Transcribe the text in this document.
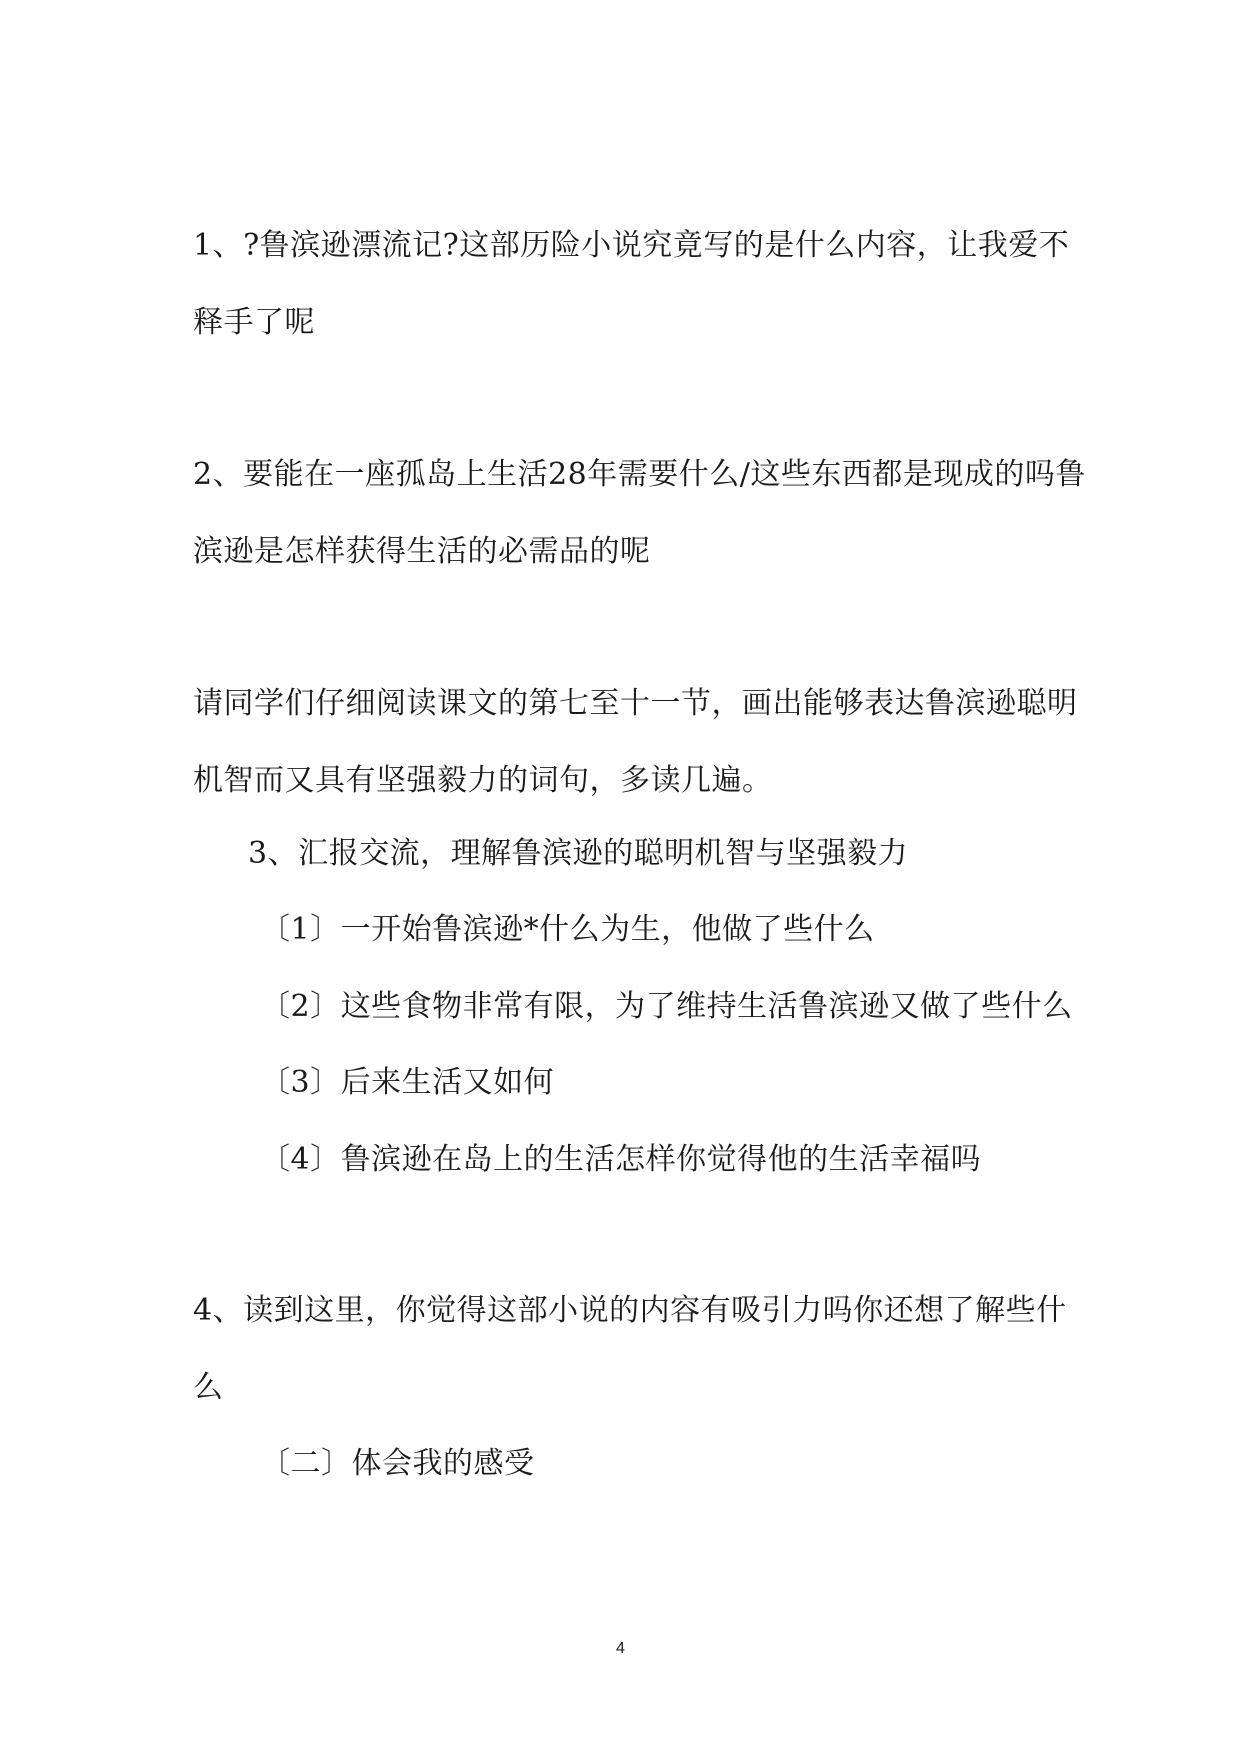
1、?鲁滨逊漂流记?这部历险小说究竟写的是什么内容，让我爱不
释手了呢
2、要能在一座孤岛上生活28年需要什么/这些东西都是现成的吗鲁
滨逊是怎样获得生活的必需品的呢
请同学们仔细阅读课文的第七至十一节，画出能够表达鲁滨逊聪明
机智而又具有坚强毅力的词句，多读几遍。
3、汇报交流，理解鲁滨逊的聪明机智与坚强毅力
〔1〕一开始鲁滨逊*什么为生，他做了些什么
〔2〕这些食物非常有限，为了维持生活鲁滨逊又做了些什么
〔3〕后来生活又如何
〔4〕鲁滨逊在岛上的生活怎样你觉得他的生活幸福吗
4、读到这里，你觉得这部小说的内容有吸引力吗你还想了解些什
么
〔二〕体会我的感受
4
